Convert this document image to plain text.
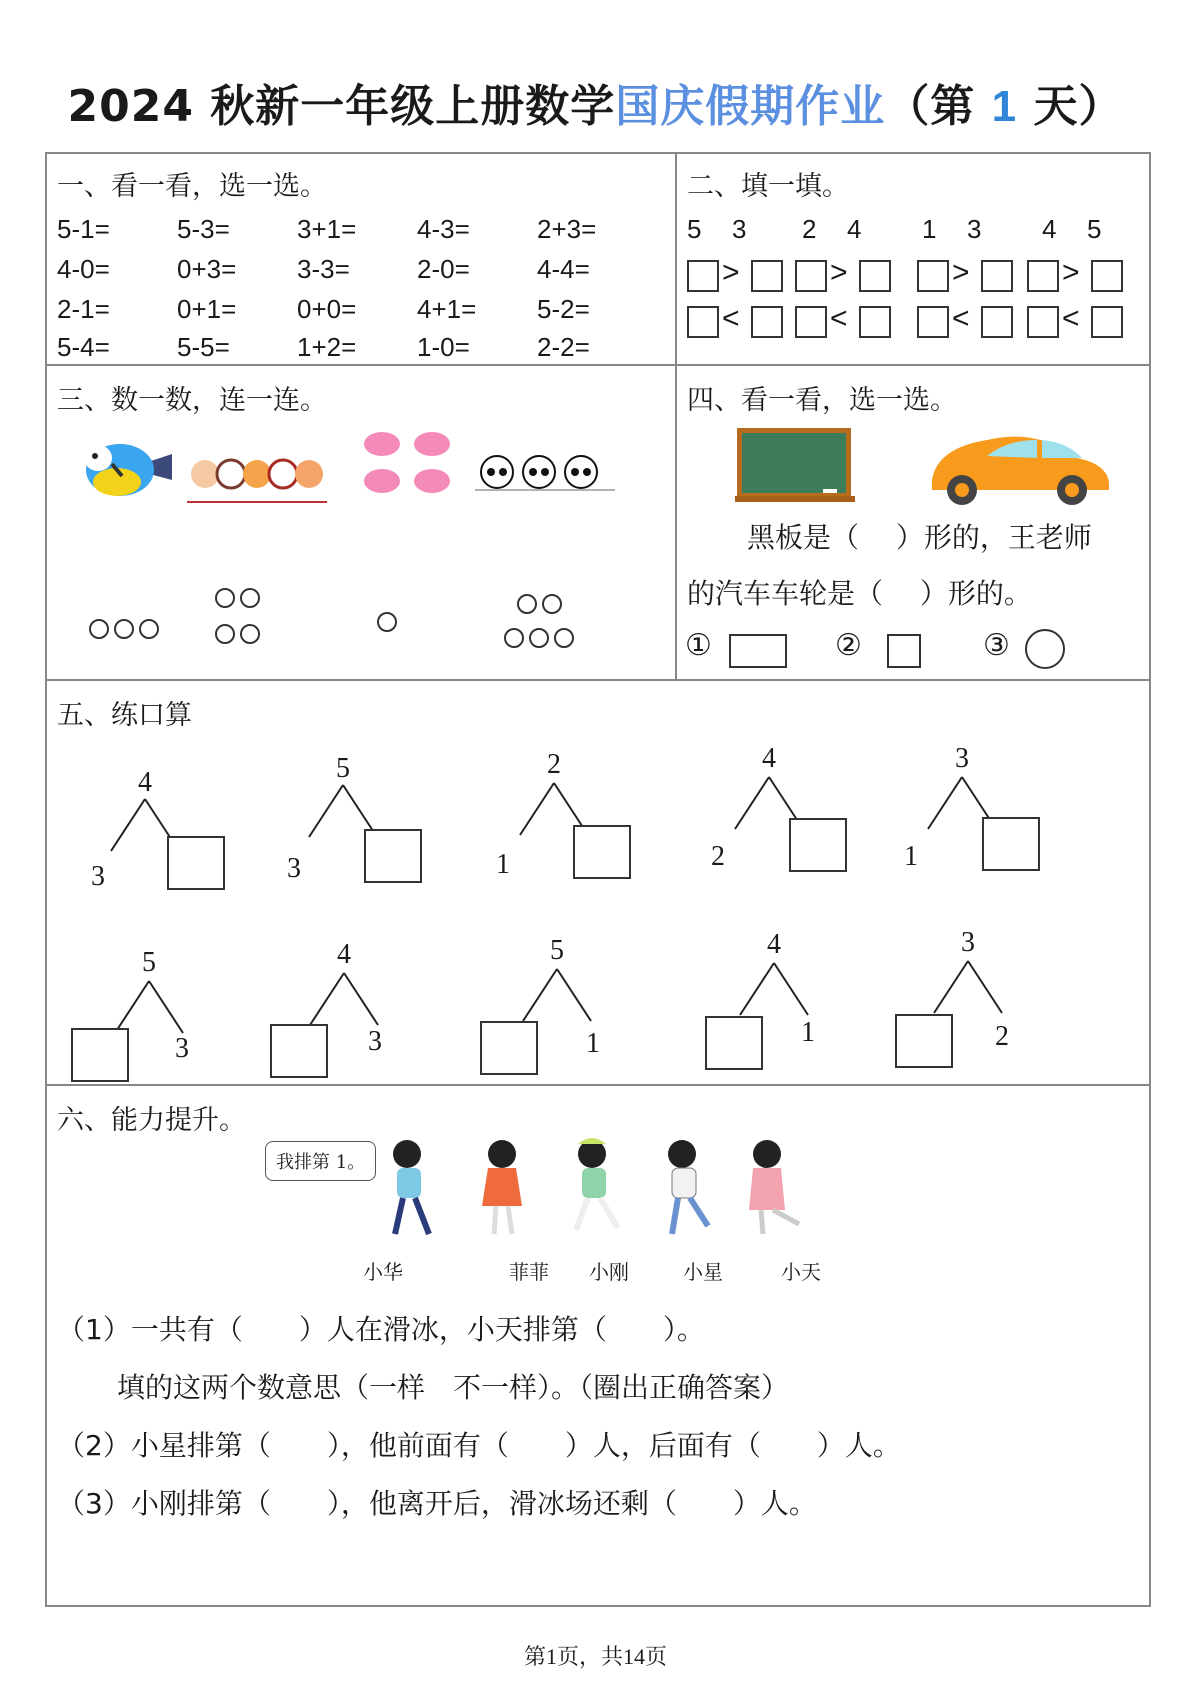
2024 秋新一年级上册数学国庆假期作业（第 1 天）
一、看一看，选一选。
5-1=	5-3=	3+1= 4-3=	2+3=
4-0=	0+3= 3-3=	2-0=	4-4=
2-1=	0+1= 0+0= 4+1= 5-2=
5-4=	5-5=	1+2= 1-0=	2-2=
二、填一填。
5 3 2 4 1 3 4 5
>	>	>	>
<	<	<	<
三、数一数，连一连。	四、看一看，选一选。
黑板是（　 ）形的，王老师
的汽车车轮是（　 ）形的。
①	②	③
五、练口算
4
3
5
3
2
1
4
2
3
1
5
3
4
3
5
1
4
1
3
2
六、能力提升。
我排第 1。
小华	菲菲 小刚	小星	小天
（1）一共有（　　）人在滑冰，小天排第（　　）。
填的这两个数意思（一样　不一样）。（圈出正确答案）
（2）小星排第（　　），他前面有（　　）人，后面有（　　）人。
（3）小刚排第（　　），他离开后，滑冰场还剩（　　）人。
第1页，共14页
